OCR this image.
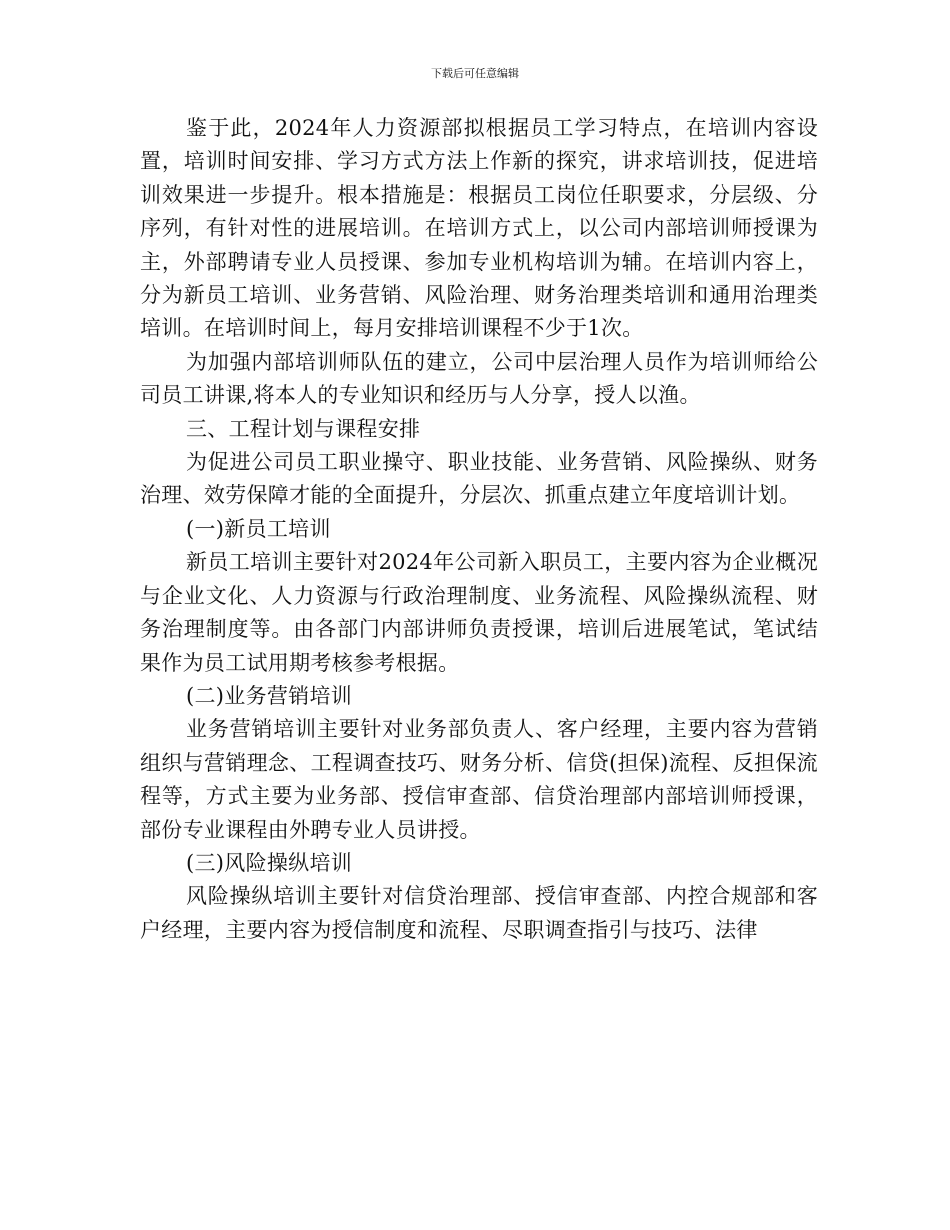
下载后可任意编辑

鉴于此，2024年人力资源部拟根据员工学习特点，在培训内容设置，培训时间安排、学习方式方法上作新的探究，讲求培训技，促进培训效果进一步提升。根本措施是：根据员工岗位任职要求，分层级、分序列，有针对性的进展培训。在培训方式上，以公司内部培训师授课为主，外部聘请专业人员授课、参加专业机构培训为辅。在培训内容上，分为新员工培训、业务营销、风险治理、财务治理类培训和通用治理类培训。在培训时间上，每月安排培训课程不少于1次。

为加强内部培训师队伍的建立，公司中层治理人员作为培训师给公司员工讲课,将本人的专业知识和经历与人分享，授人以渔。

三、工程计划与课程安排

为促进公司员工职业操守、职业技能、业务营销、风险操纵、财务治理、效劳保障才能的全面提升，分层次、抓重点建立年度培训计划。

(一)新员工培训

新员工培训主要针对2024年公司新入职员工，主要内容为企业概况与企业文化、人力资源与行政治理制度、业务流程、风险操纵流程、财务治理制度等。由各部门内部讲师负责授课，培训后进展笔试，笔试结果作为员工试用期考核参考根据。

(二)业务营销培训

业务营销培训主要针对业务部负责人、客户经理，主要内容为营销组织与营销理念、工程调查技巧、财务分析、信贷(担保)流程、反担保流程等，方式主要为业务部、授信审查部、信贷治理部内部培训师授课，部份专业课程由外聘专业人员讲授。

(三)风险操纵培训

风险操纵培训主要针对信贷治理部、授信审查部、内控合规部和客户经理，主要内容为授信制度和流程、尽职调查指引与技巧、法律
